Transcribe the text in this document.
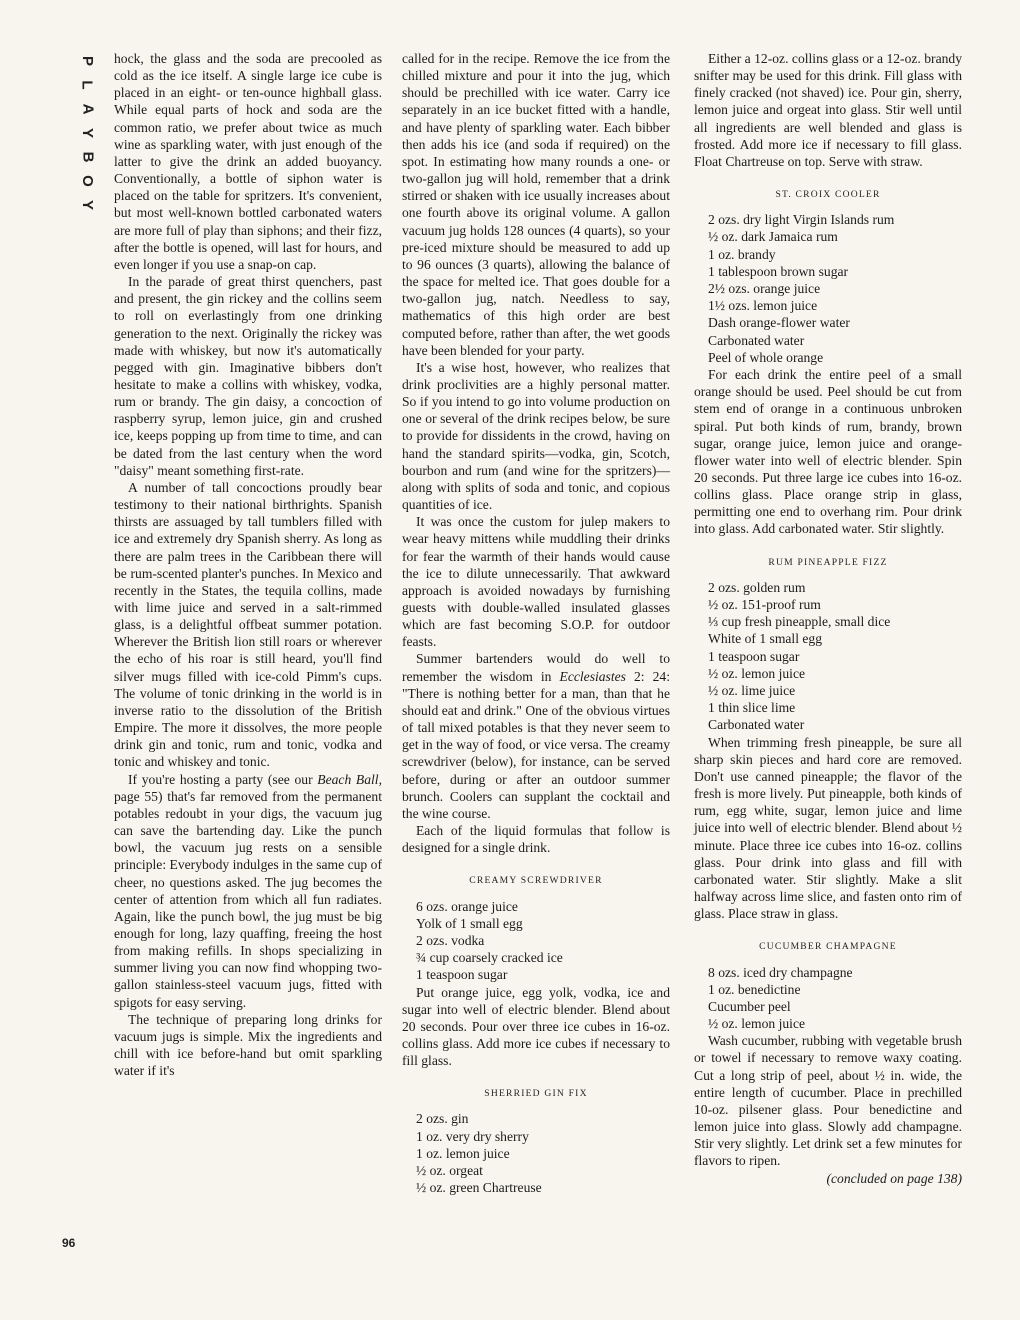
P
L
A
Y
B
O
Y
96

hock, the glass and the soda are precooled as cold as the ice itself. A single large ice cube is placed in an eight- or ten-ounce highball glass. While equal parts of hock and soda are the common ratio, we prefer about twice as much wine as sparkling water, with just enough of the latter to give the drink an added buoyancy. Conventionally, a bottle of siphon water is placed on the table for spritzers. It's convenient, but most well-known bottled carbonated waters are more full of play than siphons; and their fizz, after the bottle is opened, will last for hours, and even longer if you use a snap-on cap.

In the parade of great thirst quenchers, past and present, the gin rickey and the collins seem to roll on everlastingly from one drinking generation to the next. Originally the rickey was made with whiskey, but now it's automatically pegged with gin. Imaginative bibbers don't hesitate to make a collins with whiskey, vodka, rum or brandy. The gin daisy, a concoction of raspberry syrup, lemon juice, gin and crushed ice, keeps popping up from time to time, and can be dated from the last century when the word "daisy" meant something first-rate.

A number of tall concoctions proudly bear testimony to their national birthrights. Spanish thirsts are assuaged by tall tumblers filled with ice and extremely dry Spanish sherry. As long as there are palm trees in the Caribbean there will be rum-scented planter's punches. In Mexico and recently in the States, the tequila collins, made with lime juice and served in a salt-rimmed glass, is a delightful offbeat summer potation. Wherever the British lion still roars or wherever the echo of his roar is still heard, you'll find silver mugs filled with ice-cold Pimm's cups. The volume of tonic drinking in the world is in inverse ratio to the dissolution of the British Empire. The more it dissolves, the more people drink gin and tonic, rum and tonic, vodka and tonic and whiskey and tonic.

If you're hosting a party (see our Beach Ball, page 55) that's far removed from the permanent potables redoubt in your digs, the vacuum jug can save the bartending day. Like the punch bowl, the vacuum jug rests on a sensible principle: Everybody indulges in the same cup of cheer, no questions asked. The jug becomes the center of attention from which all fun radiates. Again, like the punch bowl, the jug must be big enough for long, lazy quaffing, freeing the host from making refills. In shops specializing in summer living you can now find whopping two-gallon stainless-steel vacuum jugs, fitted with spigots for easy serving.

The technique of preparing long drinks for vacuum jugs is simple. Mix the ingredients and chill with ice before-hand but omit sparkling water if it's

called for in the recipe. Remove the ice from the chilled mixture and pour it into the jug, which should be prechilled with ice water. Carry ice separately in an ice bucket fitted with a handle, and have plenty of sparkling water. Each bibber then adds his ice (and soda if required) on the spot. In estimating how many rounds a one- or two-gallon jug will hold, remember that a drink stirred or shaken with ice usually increases about one fourth above its original volume. A gallon vacuum jug holds 128 ounces (4 quarts), so your pre-iced mixture should be measured to add up to 96 ounces (3 quarts), allowing the balance of the space for melted ice. That goes double for a two-gallon jug, natch. Needless to say, mathematics of this high order are best computed before, rather than after, the wet goods have been blended for your party.

It's a wise host, however, who realizes that drink proclivities are a highly personal matter. So if you intend to go into volume production on one or several of the drink recipes below, be sure to provide for dissidents in the crowd, having on hand the standard spirits—vodka, gin, Scotch, bourbon and rum (and wine for the spritzers)—along with splits of soda and tonic, and copious quantities of ice.

It was once the custom for julep makers to wear heavy mittens while muddling their drinks for fear the warmth of their hands would cause the ice to dilute unnecessarily. That awkward approach is avoided nowadays by furnishing guests with double-walled insulated glasses which are fast becoming S.O.P. for outdoor feasts.

Summer bartenders would do well to remember the wisdom in Ecclesiastes 2: 24: "There is nothing better for a man, than that he should eat and drink." One of the obvious virtues of tall mixed potables is that they never seem to get in the way of food, or vice versa. The creamy screwdriver (below), for instance, can be served before, during or after an outdoor summer brunch. Coolers can supplant the cocktail and the wine course.

Each of the liquid formulas that follow is designed for a single drink.

CREAMY SCREWDRIVER
6 ozs. orange juice
Yolk of 1 small egg
2 ozs. vodka
¾ cup coarsely cracked ice
1 teaspoon sugar

Put orange juice, egg yolk, vodka, ice and sugar into well of electric blender. Blend about 20 seconds. Pour over three ice cubes in 16-oz. collins glass. Add more ice cubes if necessary to fill glass.

SHERRIED GIN FIX
2 ozs. gin
1 oz. very dry sherry
1 oz. lemon juice
½ oz. orgeat
½ oz. green Chartreuse

Either a 12-oz. collins glass or a 12-oz. brandy snifter may be used for this drink. Fill glass with finely cracked (not shaved) ice. Pour gin, sherry, lemon juice and orgeat into glass. Stir well until all ingredients are well blended and glass is frosted. Add more ice if necessary to fill glass. Float Chartreuse on top. Serve with straw.

ST. CROIX COOLER
2 ozs. dry light Virgin Islands rum
½ oz. dark Jamaica rum
1 oz. brandy
1 tablespoon brown sugar
2½ ozs. orange juice
1½ ozs. lemon juice
Dash orange-flower water
Carbonated water
Peel of whole orange

For each drink the entire peel of a small orange should be used. Peel should be cut from stem end of orange in a continuous unbroken spiral. Put both kinds of rum, brandy, brown sugar, orange juice, lemon juice and orange-flower water into well of electric blender. Spin 20 seconds. Put three large ice cubes into 16-oz. collins glass. Place orange strip in glass, permitting one end to overhang rim. Pour drink into glass. Add carbonated water. Stir slightly.

RUM PINEAPPLE FIZZ
2 ozs. golden rum
½ oz. 151-proof rum
⅓ cup fresh pineapple, small dice
White of 1 small egg
1 teaspoon sugar
½ oz. lemon juice
½ oz. lime juice
1 thin slice lime
Carbonated water

When trimming fresh pineapple, be sure all sharp skin pieces and hard core are removed. Don't use canned pineapple; the flavor of the fresh is more lively. Put pineapple, both kinds of rum, egg white, sugar, lemon juice and lime juice into well of electric blender. Blend about ½ minute. Place three ice cubes into 16-oz. collins glass. Pour drink into glass and fill with carbonated water. Stir slightly. Make a slit halfway across lime slice, and fasten onto rim of glass. Place straw in glass.

CUCUMBER CHAMPAGNE
8 ozs. iced dry champagne
1 oz. benedictine
Cucumber peel
½ oz. lemon juice

Wash cucumber, rubbing with vegetable brush or towel if necessary to remove waxy coating. Cut a long strip of peel, about ½ in. wide, the entire length of cucumber. Place in prechilled 10-oz. pilsener glass. Pour benedictine and lemon juice into glass. Slowly add champagne. Stir very slightly. Let drink set a few minutes for flavors to ripen.

(concluded on page 138)
